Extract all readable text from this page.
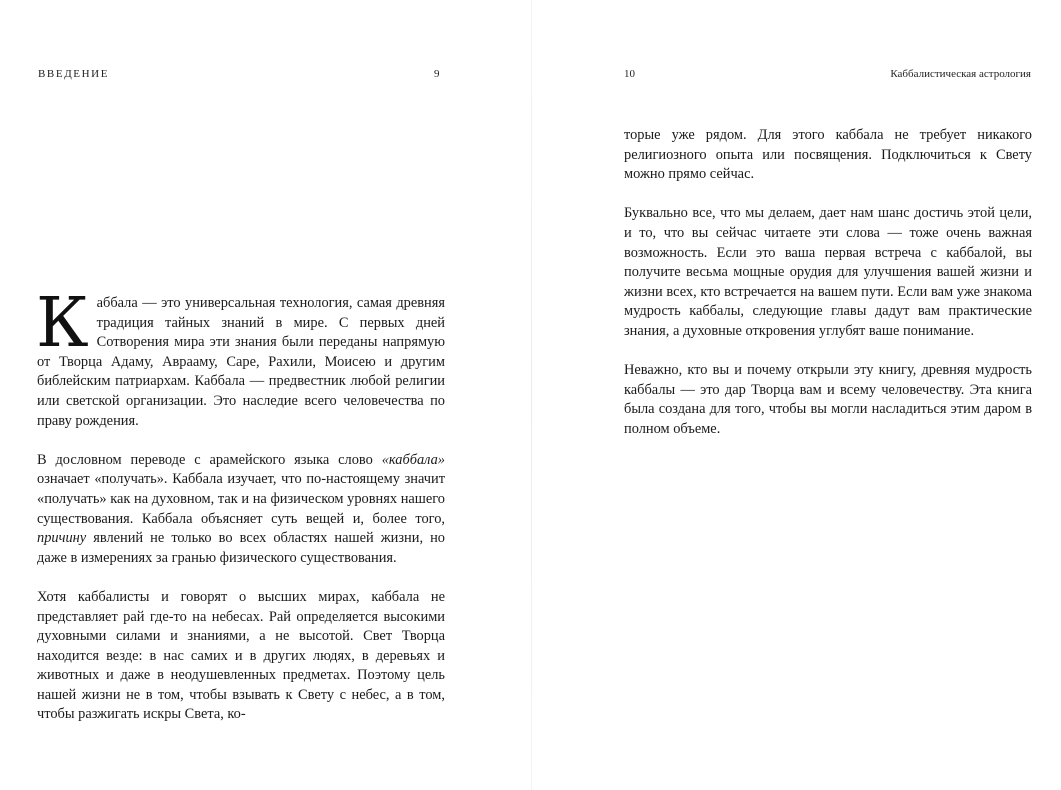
ВВЕДЕНИЕ	9

Каббала — это универсальная технология, самая древняя традиция тайных знаний в мире. С первых дней Сотворения мира эти знания были переданы напрямую от Творца Адаму, Аврааму, Саре, Рахили, Моисею и другим библейским патриархам. Каббала — предвестник любой религии или светской организации. Это наследие всего человечества по праву рождения.

В дословном переводе с арамейского языка слово «каббала» означает «получать». Каббала изучает, что по-настоящему значит «получать» как на духовном, так и на физическом уровнях нашего существования. Каббала объясняет суть вещей и, более того, причину явлений не только во всех областях нашей жизни, но даже в измерениях за гранью физического существования.

Хотя каббалисты и говорят о высших мирах, каббала не представляет рай где-то на небесах. Рай определяется высокими духовными силами и знаниями, а не высотой. Свет Творца находится везде: в нас самих и в других людях, в деревьях и животных и даже в неодушевленных предметах. Поэтому цель нашей жизни не в том, чтобы взывать к Свету с небес, а в том, чтобы разжигать искры Света, ко-

10	Каббалистическая астрология

торые уже рядом. Для этого каббала не требует никакого религиозного опыта или посвящения. Подключиться к Свету можно прямо сейчас.

Буквально все, что мы делаем, дает нам шанс достичь этой цели, и то, что вы сейчас читаете эти слова — тоже очень важная возможность. Если это ваша первая встреча с каббалой, вы получите весьма мощные орудия для улучшения вашей жизни и жизни всех, кто встречается на вашем пути. Если вам уже знакома мудрость каббалы, следующие главы дадут вам практические знания, а духовные откровения углубят ваше понимание.

Неважно, кто вы и почему открыли эту книгу, древняя мудрость каббалы — это дар Творца вам и всему человечеству. Эта книга была создана для того, чтобы вы могли насладиться этим даром в полном объеме.
